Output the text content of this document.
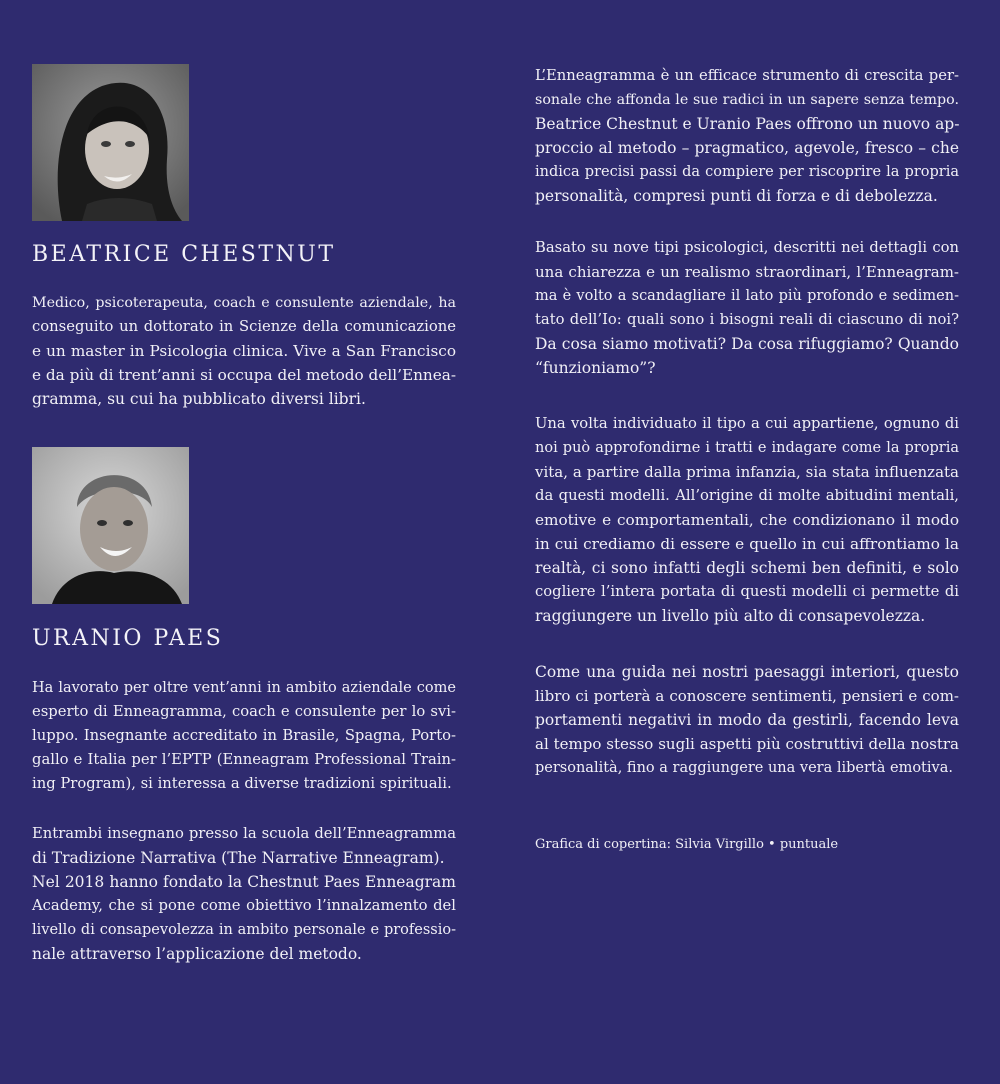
BEATRICE CHESTNUT

Medico, psicoterapeuta, coach e consulente aziendale, ha
conseguito un dottorato in Scienze della comunicazione
e un master in Psicologia clinica. Vive a San Francisco
e da più di trent’anni si occupa del metodo dell’Ennea-
gramma, su cui ha pubblicato diversi libri.

URANIO PAES

Ha lavorato per oltre vent’anni in ambito aziendale come
esperto di Enneagramma, coach e consulente per lo svi-
luppo. Insegnante accreditato in Brasile, Spagna, Porto-
gallo e Italia per l’EPTP (Enneagram Professional Train-
ing Program), si interessa a diverse tradizioni spirituali.

Entrambi insegnano presso la scuola dell’Enneagramma
di Tradizione Narrativa (The Narrative Enneagram).
Nel 2018 hanno fondato la Chestnut Paes Enneagram
Academy, che si pone come obiettivo l’innalzamento del
livello di consapevolezza in ambito personale e professio-
nale attraverso l’applicazione del metodo.

L’Enneagramma è un efficace strumento di crescita per-
sonale che affonda le sue radici in un sapere senza tempo.
Beatrice Chestnut e Uranio Paes offrono un nuovo ap-
proccio al metodo – pragmatico, agevole, fresco – che
indica precisi passi da compiere per riscoprire la propria
personalità, compresi punti di forza e di debolezza.

Basato su nove tipi psicologici, descritti nei dettagli con
una chiarezza e un realismo straordinari, l’Enneagram-
ma è volto a scandagliare il lato più profondo e sedimen-
tato dell’Io: quali sono i bisogni reali di ciascuno di noi?
Da cosa siamo motivati? Da cosa rifuggiamo? Quando
“funzioniamo”?

Una volta individuato il tipo a cui appartiene, ognuno di
noi può approfondirne i tratti e indagare come la propria
vita, a partire dalla prima infanzia, sia stata influenzata
da questi modelli. All’origine di molte abitudini mentali,
emotive e comportamentali, che condizionano il modo
in cui crediamo di essere e quello in cui affrontiamo la
realtà, ci sono infatti degli schemi ben definiti, e solo
cogliere l’intera portata di questi modelli ci permette di
raggiungere un livello più alto di consapevolezza.

Come una guida nei nostri paesaggi interiori, questo
libro ci porterà a conoscere sentimenti, pensieri e com-
portamenti negativi in modo da gestirli, facendo leva
al tempo stesso sugli aspetti più costruttivi della nostra
personalità, fino a raggiungere una vera libertà emotiva.

Grafica di copertina: Silvia Virgillo • puntuale
